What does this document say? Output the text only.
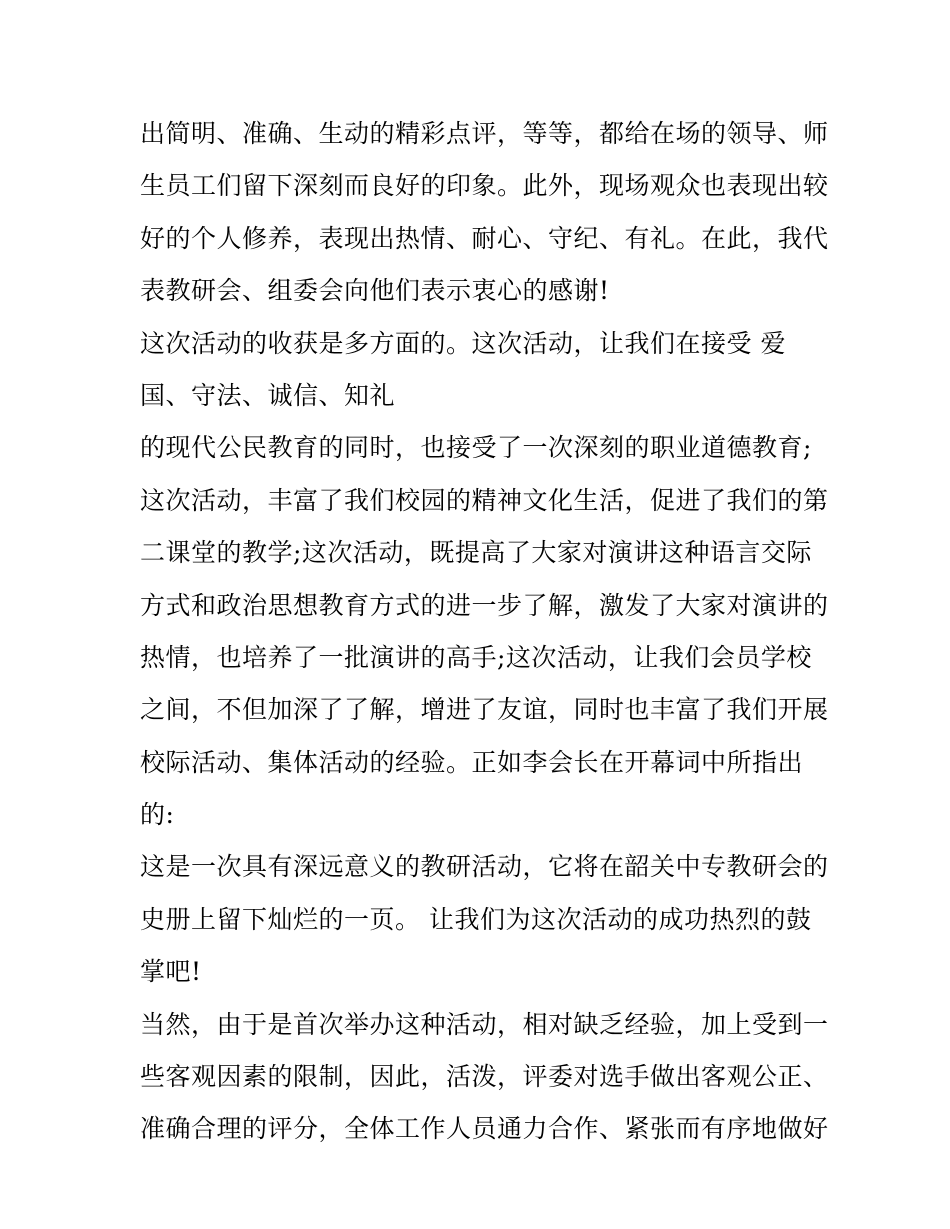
出简明、准确、生动的精彩点评，等等，都给在场的领导、师
生员工们留下深刻而良好的印象。此外，现场观众也表现出较
好的个人修养，表现出热情、耐心、守纪、有礼。在此，我代
表教研会、组委会向他们表示衷心的感谢!
这次活动的收获是多方面的。这次活动，让我们在接受 爱
国、守法、诚信、知礼
的现代公民教育的同时，也接受了一次深刻的职业道德教育;
这次活动，丰富了我们校园的精神文化生活，促进了我们的第
二课堂的教学;这次活动，既提高了大家对演讲这种语言交际
方式和政治思想教育方式的进一步了解，激发了大家对演讲的
热情，也培养了一批演讲的高手;这次活动，让我们会员学校
之间，不但加深了了解，增进了友谊，同时也丰富了我们开展
校际活动、集体活动的经验。正如李会长在开幕词中所指出
的:
这是一次具有深远意义的教研活动，它将在韶关中专教研会的
史册上留下灿烂的一页。 让我们为这次活动的成功热烈的鼓
掌吧!
当然，由于是首次举办这种活动，相对缺乏经验，加上受到一
些客观因素的限制，因此，活泼，评委对选手做出客观公正、
准确合理的评分，全体工作人员通力合作、紧张而有序地做好
